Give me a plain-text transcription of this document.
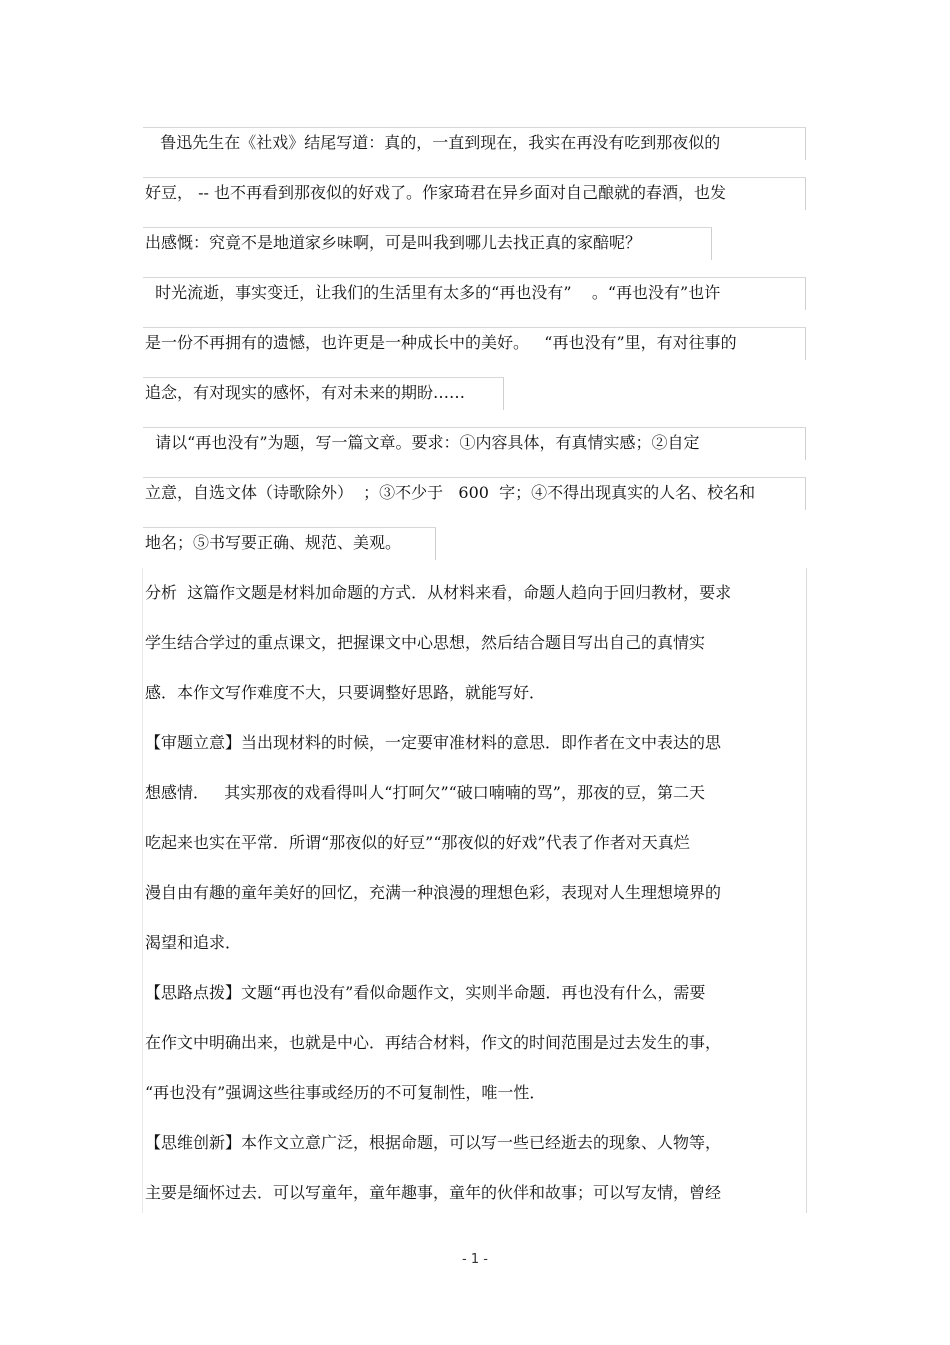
鲁迅先生在《社戏》结尾写道：真的，一直到现在，我实在再没有吃到那夜似的
好豆， -- 也不再看到那夜似的好戏了。作家琦君在异乡面对自己酿就的春酒，也发
出感慨：究竟不是地道家乡味啊，可是叫我到哪儿去找正真的家醅呢？
时光流逝，事实变迁，让我们的生活里有太多的“再也没有”    。“再也没有”也许
是一份不再拥有的遗憾，也许更是一种成长中的美好。   “再也没有”里，有对往事的
追念，有对现实的感怀，有对未来的期盼……
请以“再也没有”为题，写一篇文章。要求：①内容具体，有真情实感；②自定
立意，自选文体（诗歌除外）  ；③不少于   600  字；④不得出现真实的人名、校名和
地名；⑤书写要正确、规范、美观。
分析  这篇作文题是材料加命题的方式．从材料来看，命题人趋向于回归教材，要求
学生结合学过的重点课文，把握课文中心思想，然后结合题目写出自己的真情实
感．本作文写作难度不大，只要调整好思路，就能写好．
【审题立意】当出现材料的时候，一定要审准材料的意思．即作者在文中表达的思
想感情．   其实那夜的戏看得叫人“打呵欠”“破口喃喃的骂”，那夜的豆，第二天
吃起来也实在平常．所谓“那夜似的好豆”“那夜似的好戏”代表了作者对天真烂
漫自由有趣的童年美好的回忆，充满一种浪漫的理想色彩，表现对人生理想境界的
渴望和追求．
【思路点拨】文题“再也没有”看似命题作文，实则半命题．再也没有什么，需要
在作文中明确出来，也就是中心．再结合材料，作文的时间范围是过去发生的事，
“再也没有”强调这些往事或经历的不可复制性，唯一性．
【思维创新】本作文立意广泛，根据命题，可以写一些已经逝去的现象、人物等，
主要是缅怀过去．可以写童年，童年趣事，童年的伙伴和故事；可以写友情，曾经
- 1 -
